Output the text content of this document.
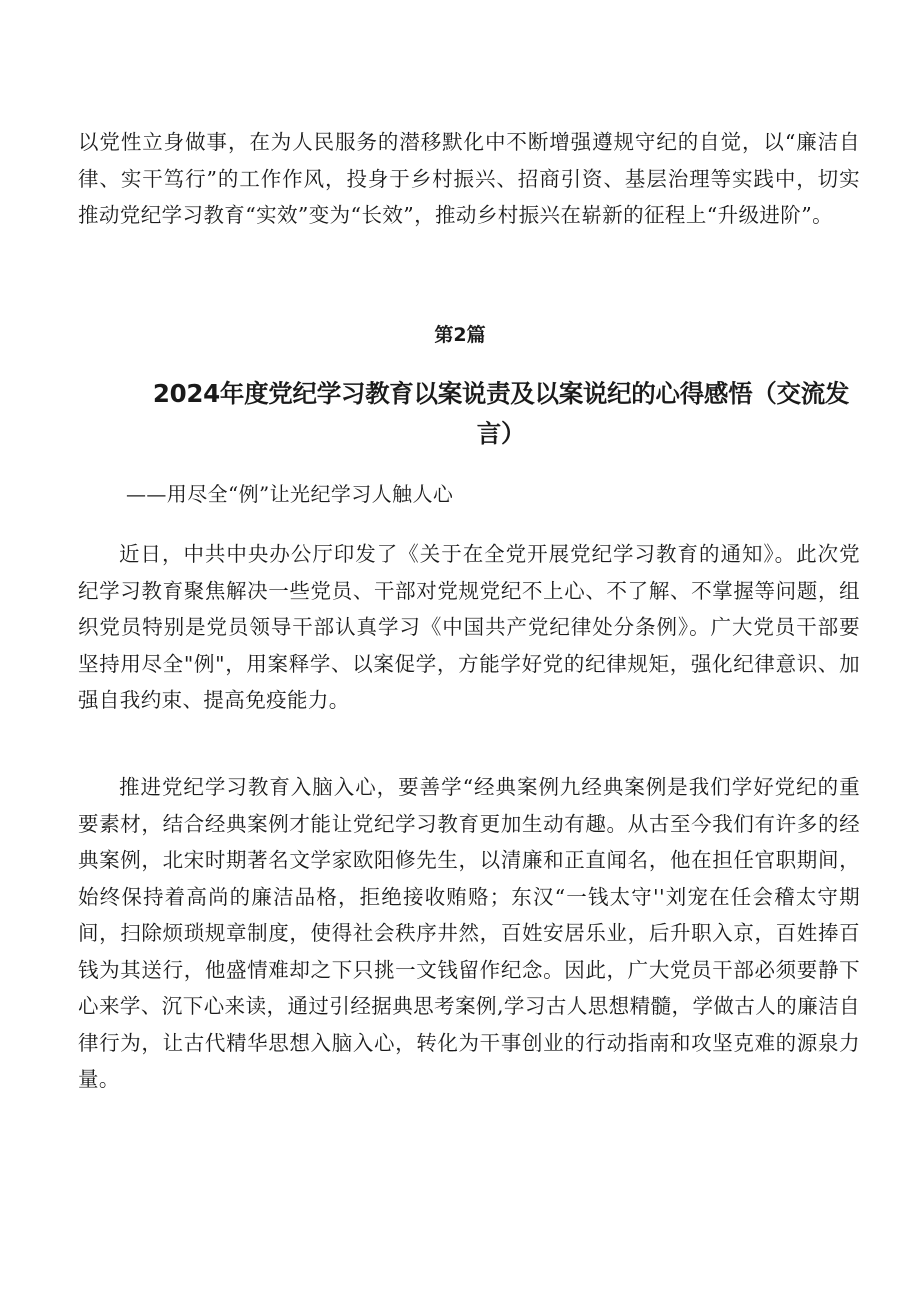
以党性立身做事，在为人民服务的潜移默化中不断增强遵规守纪的自觉，以“廉洁自律、实干笃行”的工作作风，投身于乡村振兴、招商引资、基层治理等实践中，切实推动党纪学习教育“实效”变为“长效”，推动乡村振兴在崭新的征程上“升级进阶”。

第2篇
2024年度党纪学习教育以案说责及以案说纪的心得感悟（交流发言）

——用尽全“例”让光纪学习人触人心

近日，中共中央办公厅印发了《关于在全党开展党纪学习教育的通知》。此次党纪学习教育聚焦解决一些党员、干部对党规党纪不上心、不了解、不掌握等问题，组织党员特别是党员领导干部认真学习《中国共产党纪律处分条例》。广大党员干部要坚持用尽全"例"，用案释学、以案促学，方能学好党的纪律规矩，强化纪律意识、加强自我约束、提高免疫能力。

推进党纪学习教育入脑入心，要善学“经典案例九经典案例是我们学好党纪的重要素材，结合经典案例才能让党纪学习教育更加生动有趣。从古至今我们有许多的经典案例，北宋时期著名文学家欧阳修先生，以清廉和正直闻名，他在担任官职期间，始终保持着高尚的廉洁品格，拒绝接收贿赂；东汉“一钱太守''刘宠在任会稽太守期间，扫除烦琐规章制度，使得社会秩序井然，百姓安居乐业，后升职入京，百姓捧百钱为其送行，他盛情难却之下只挑一文钱留作纪念。因此，广大党员干部必须要静下心来学、沉下心来读，通过引经据典思考案例,学习古人思想精髓，学做古人的廉洁自律行为，让古代精华思想入脑入心，转化为干事创业的行动指南和攻坚克难的源泉力量。
